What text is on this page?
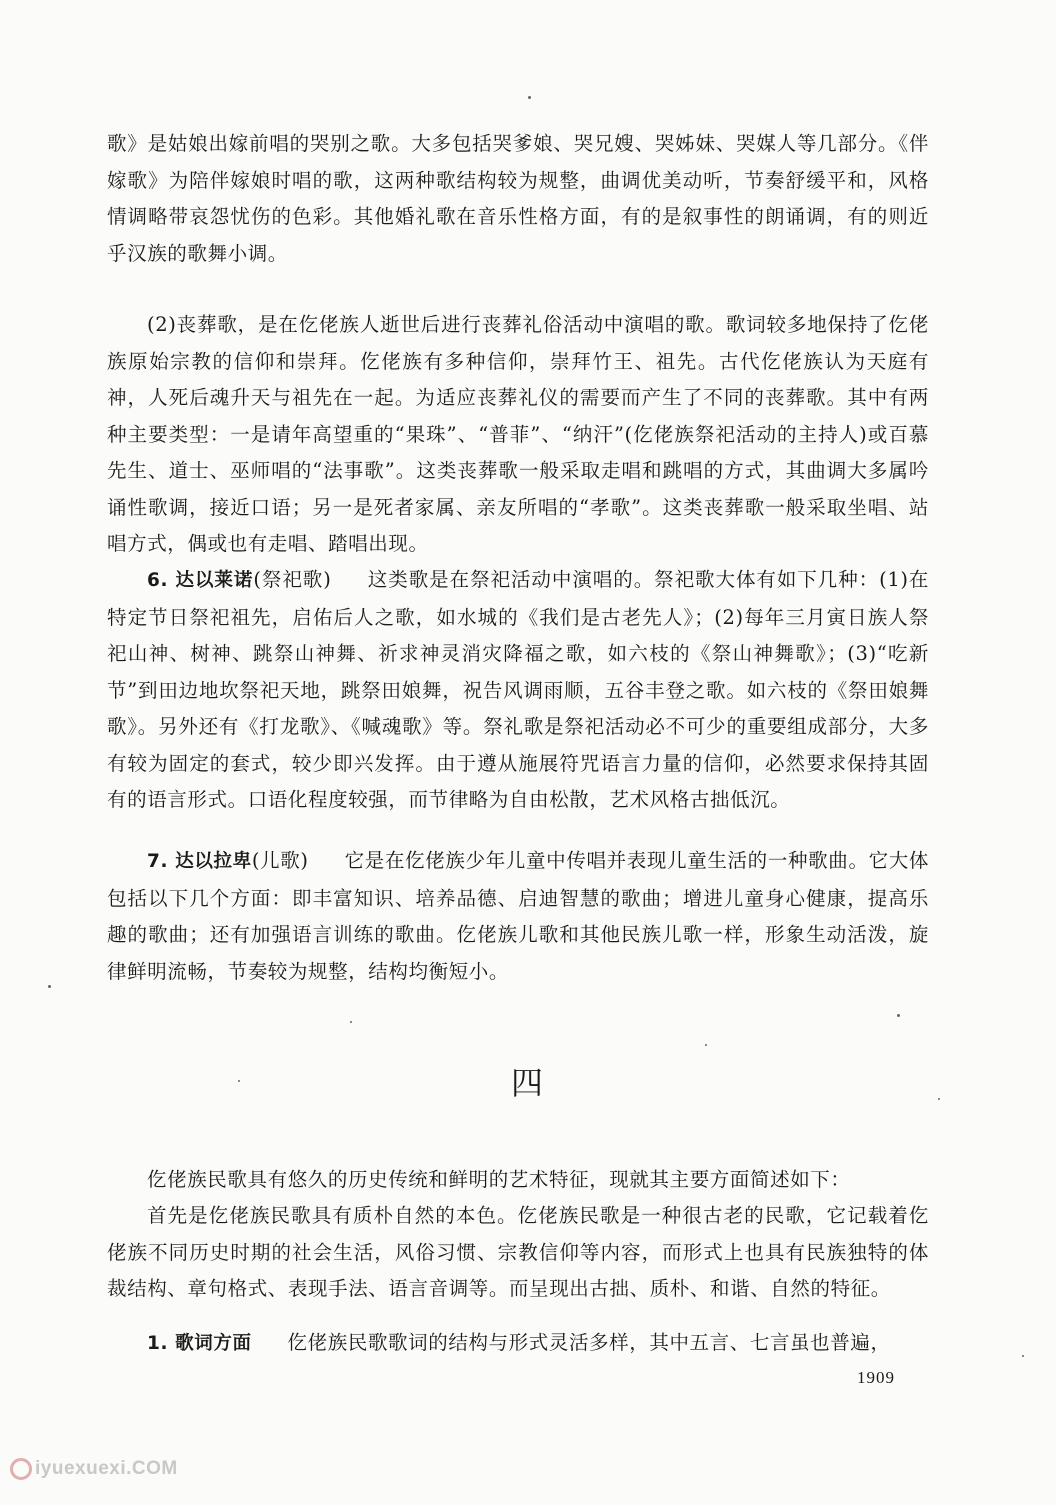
歌》是姑娘出嫁前唱的哭别之歌。大多包括哭爹娘、哭兄嫂、哭姊妹、哭媒人等几部分。《伴嫁歌》为陪伴嫁娘时唱的歌，这两种歌结构较为规整，曲调优美动听，节奏舒缓平和，风格情调略带哀怨忧伤的色彩。其他婚礼歌在音乐性格方面，有的是叙事性的朗诵调，有的则近乎汉族的歌舞小调。

(2)丧葬歌，是在仡佬族人逝世后进行丧葬礼俗活动中演唱的歌。歌词较多地保持了仡佬族原始宗教的信仰和崇拜。仡佬族有多种信仰，崇拜竹王、祖先。古代仡佬族认为天庭有神，人死后魂升天与祖先在一起。为适应丧葬礼仪的需要而产生了不同的丧葬歌。其中有两种主要类型：一是请年高望重的“果珠”、“普菲”、“纳汗”(仡佬族祭祀活动的主持人)或百慕先生、道士、巫师唱的“法事歌”。这类丧葬歌一般采取走唱和跳唱的方式，其曲调大多属吟诵性歌调，接近口语；另一是死者家属、亲友所唱的“孝歌”。这类丧葬歌一般采取坐唱、站唱方式，偶或也有走唱、踏唱出现。

6. 达以莱诺(祭祀歌) 这类歌是在祭祀活动中演唱的。祭祀歌大体有如下几种：(1)在特定节日祭祀祖先，启佑后人之歌，如水城的《我们是古老先人》；(2)每年三月寅日族人祭祀山神、树神、跳祭山神舞、祈求神灵消灾降福之歌，如六枝的《祭山神舞歌》；(3)“吃新节”到田边地坎祭祀天地，跳祭田娘舞，祝告风调雨顺，五谷丰登之歌。如六枝的《祭田娘舞歌》。另外还有《打龙歌》、《喊魂歌》等。祭礼歌是祭祀活动必不可少的重要组成部分，大多有较为固定的套式，较少即兴发挥。由于遵从施展符咒语言力量的信仰，必然要求保持其固有的语言形式。口语化程度较强，而节律略为自由松散，艺术风格古拙低沉。

7. 达以拉卑(儿歌) 它是在仡佬族少年儿童中传唱并表现儿童生活的一种歌曲。它大体包括以下几个方面：即丰富知识、培养品德、启迪智慧的歌曲；增进儿童身心健康，提高乐趣的歌曲；还有加强语言训练的歌曲。仡佬族儿歌和其他民族儿歌一样，形象生动活泼，旋律鲜明流畅，节奏较为规整，结构均衡短小。

四

仡佬族民歌具有悠久的历史传统和鲜明的艺术特征，现就其主要方面简述如下：

首先是仡佬族民歌具有质朴自然的本色。仡佬族民歌是一种很古老的民歌，它记载着仡佬族不同历史时期的社会生活，风俗习惯、宗教信仰等内容，而形式上也具有民族独特的体裁结构、章句格式、表现手法、语言音调等。而呈现出古拙、质朴、和谐、自然的特征。

1. 歌词方面 仡佬族民歌歌词的结构与形式灵活多样，其中五言、七言虽也普遍，

1909
iyuexuexi.COM
